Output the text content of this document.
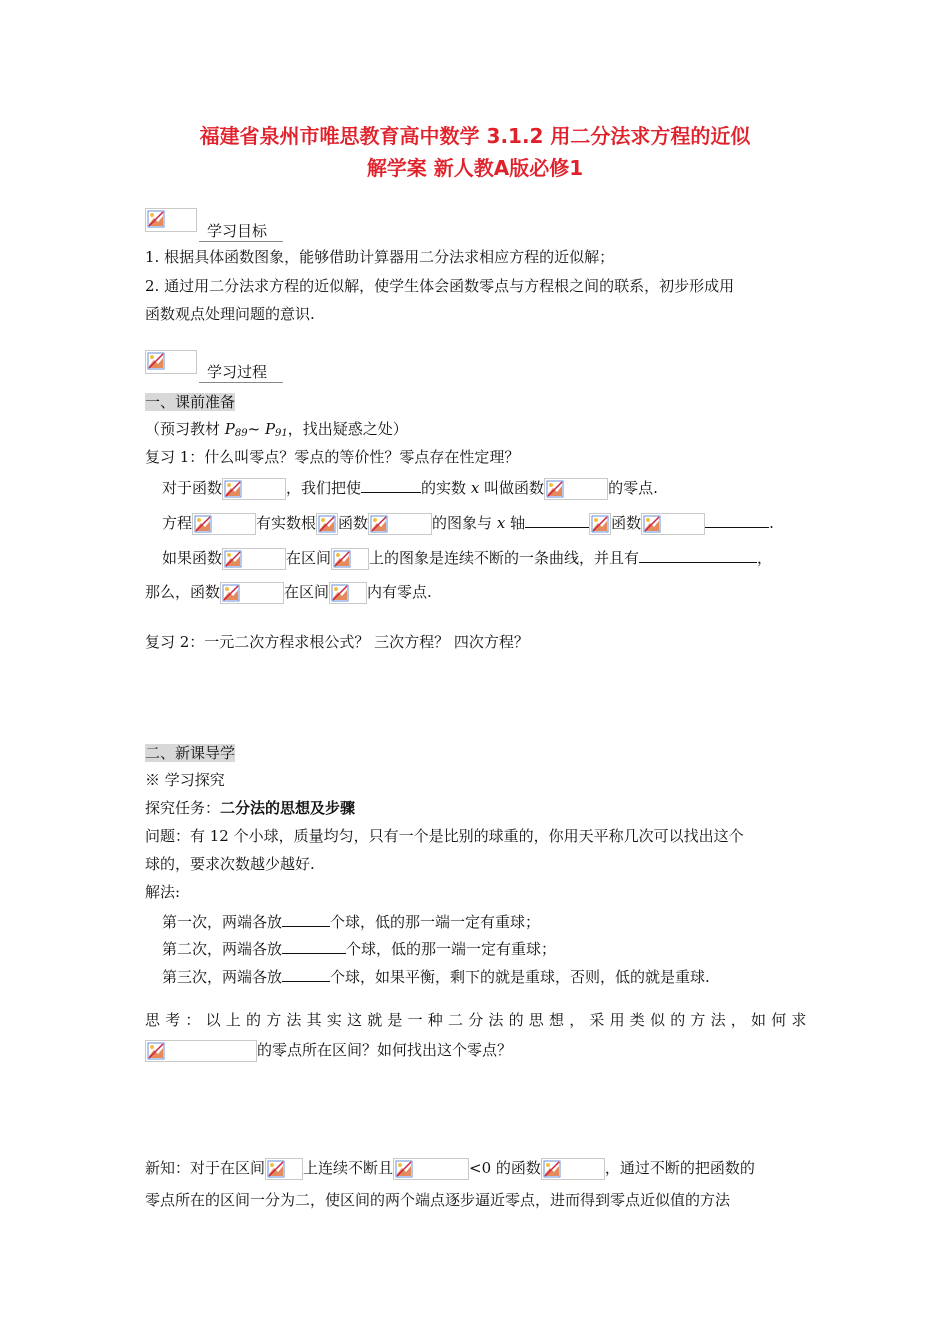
福建省泉州市唯思教育高中数学 3.1.2 用二分法求方程的近似
解学案 新人教A版必修1
学习目标
1. 根据具体函数图象，能够借助计算器用二分法求相应方程的近似解；
2. 通过用二分法求方程的近似解，使学生体会函数零点与方程根之间的联系，初步形成用
函数观点处理问题的意识.
学习过程
一、课前准备
（预习教材 $P_{89}\sim$ $P_{91}$，找出疑惑之处）
复习 1：什么叫零点？零点的等价性？零点存在性定理？
对于函数	，我们把使	的实数 x 叫做函数	的零点.
方程	有实数根 函数	的图象与 x 轴	函数	.
如果函数	在区间	上的图象是连续不断的一条曲线，并且有	，
那么，函数	在区间	内有零点.
复习 2：一元二次方程求根公式？ 三次方程？ 四次方程？
二、新课导学
※ 学习探究
探究任务：二分法的思想及步骤
问题：有 12 个小球，质量均匀，只有一个是比别的球重的，你用天平称几次可以找出这个
球的，要求次数越少越好.
解法:
第一次，两端各放	个球，低的那一端一定有重球；
第二次，两端各放	个球，低的那一端一定有重球；
第三次，两端各放	个球，如果平衡，剩下的就是重球，否则，低的就是重球.
思考：以上的方法其实这就是一种二分法的思想，采用类似的方法，如何求
的零点所在区间？如何找出这个零点？
新知：对于在区间	上连续不断且	<0 的函数	，通过不断的把函数的
零点所在的区间一分为二，使区间的两个端点逐步逼近零点，进而得到零点近似值的方法
